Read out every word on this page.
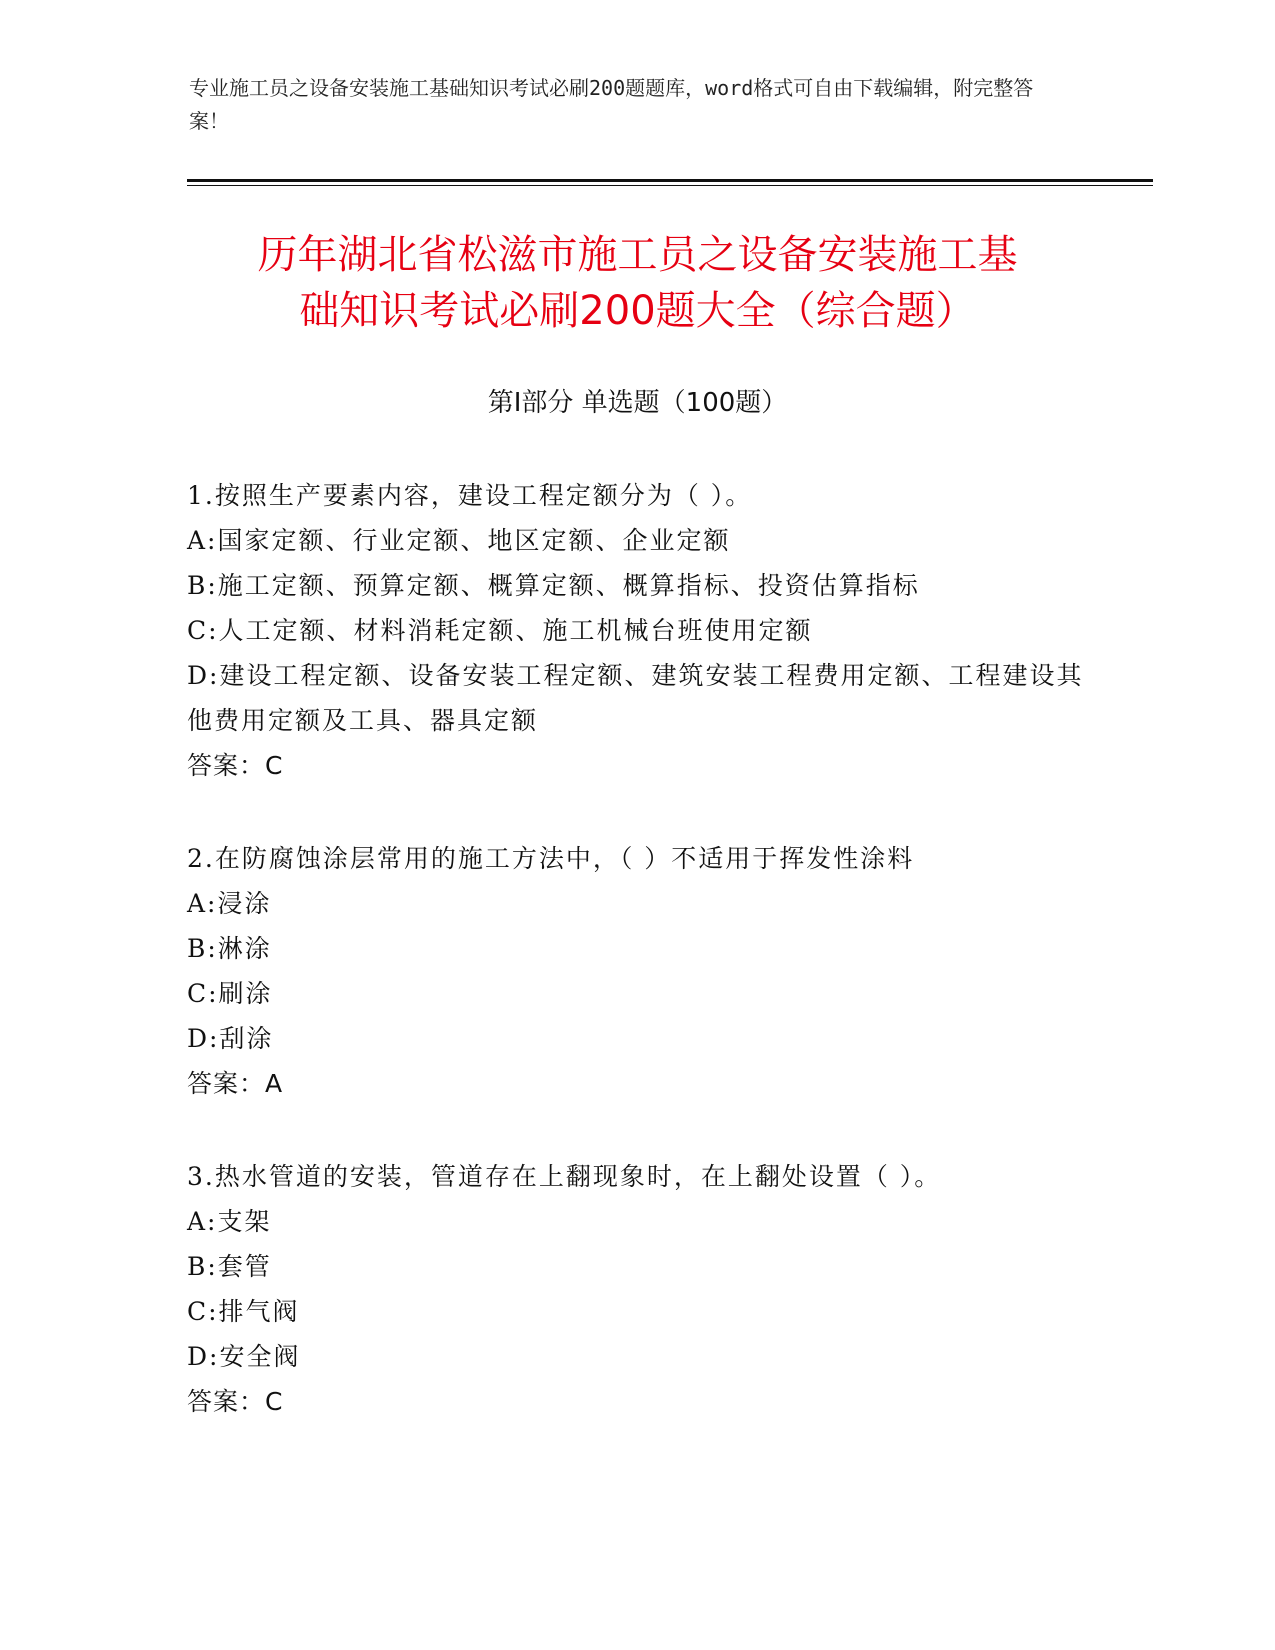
专业施工员之设备安装施工基础知识考试必刷200题题库，word格式可自由下载编辑，附完整答案！
历年湖北省松滋市施工员之设备安装施工基
础知识考试必刷200题大全（综合题）
第I部分 单选题（100题）
1.按照生产要素内容，建设工程定额分为（ ）。
A:国家定额、行业定额、地区定额、企业定额
B:施工定额、预算定额、概算定额、概算指标、投资估算指标
C:人工定额、材料消耗定额、施工机械台班使用定额
D:建设工程定额、设备安装工程定额、建筑安装工程费用定额、工程建设其他费用定额及工具、器具定额
答案：C
2.在防腐蚀涂层常用的施工方法中，（ ）不适用于挥发性涂料
A:浸涂
B:淋涂
C:刷涂
D:刮涂
答案：A
3.热水管道的安装，管道存在上翻现象时，在上翻处设置（ ）。
A:支架
B:套管
C:排气阀
D:安全阀
答案：C
